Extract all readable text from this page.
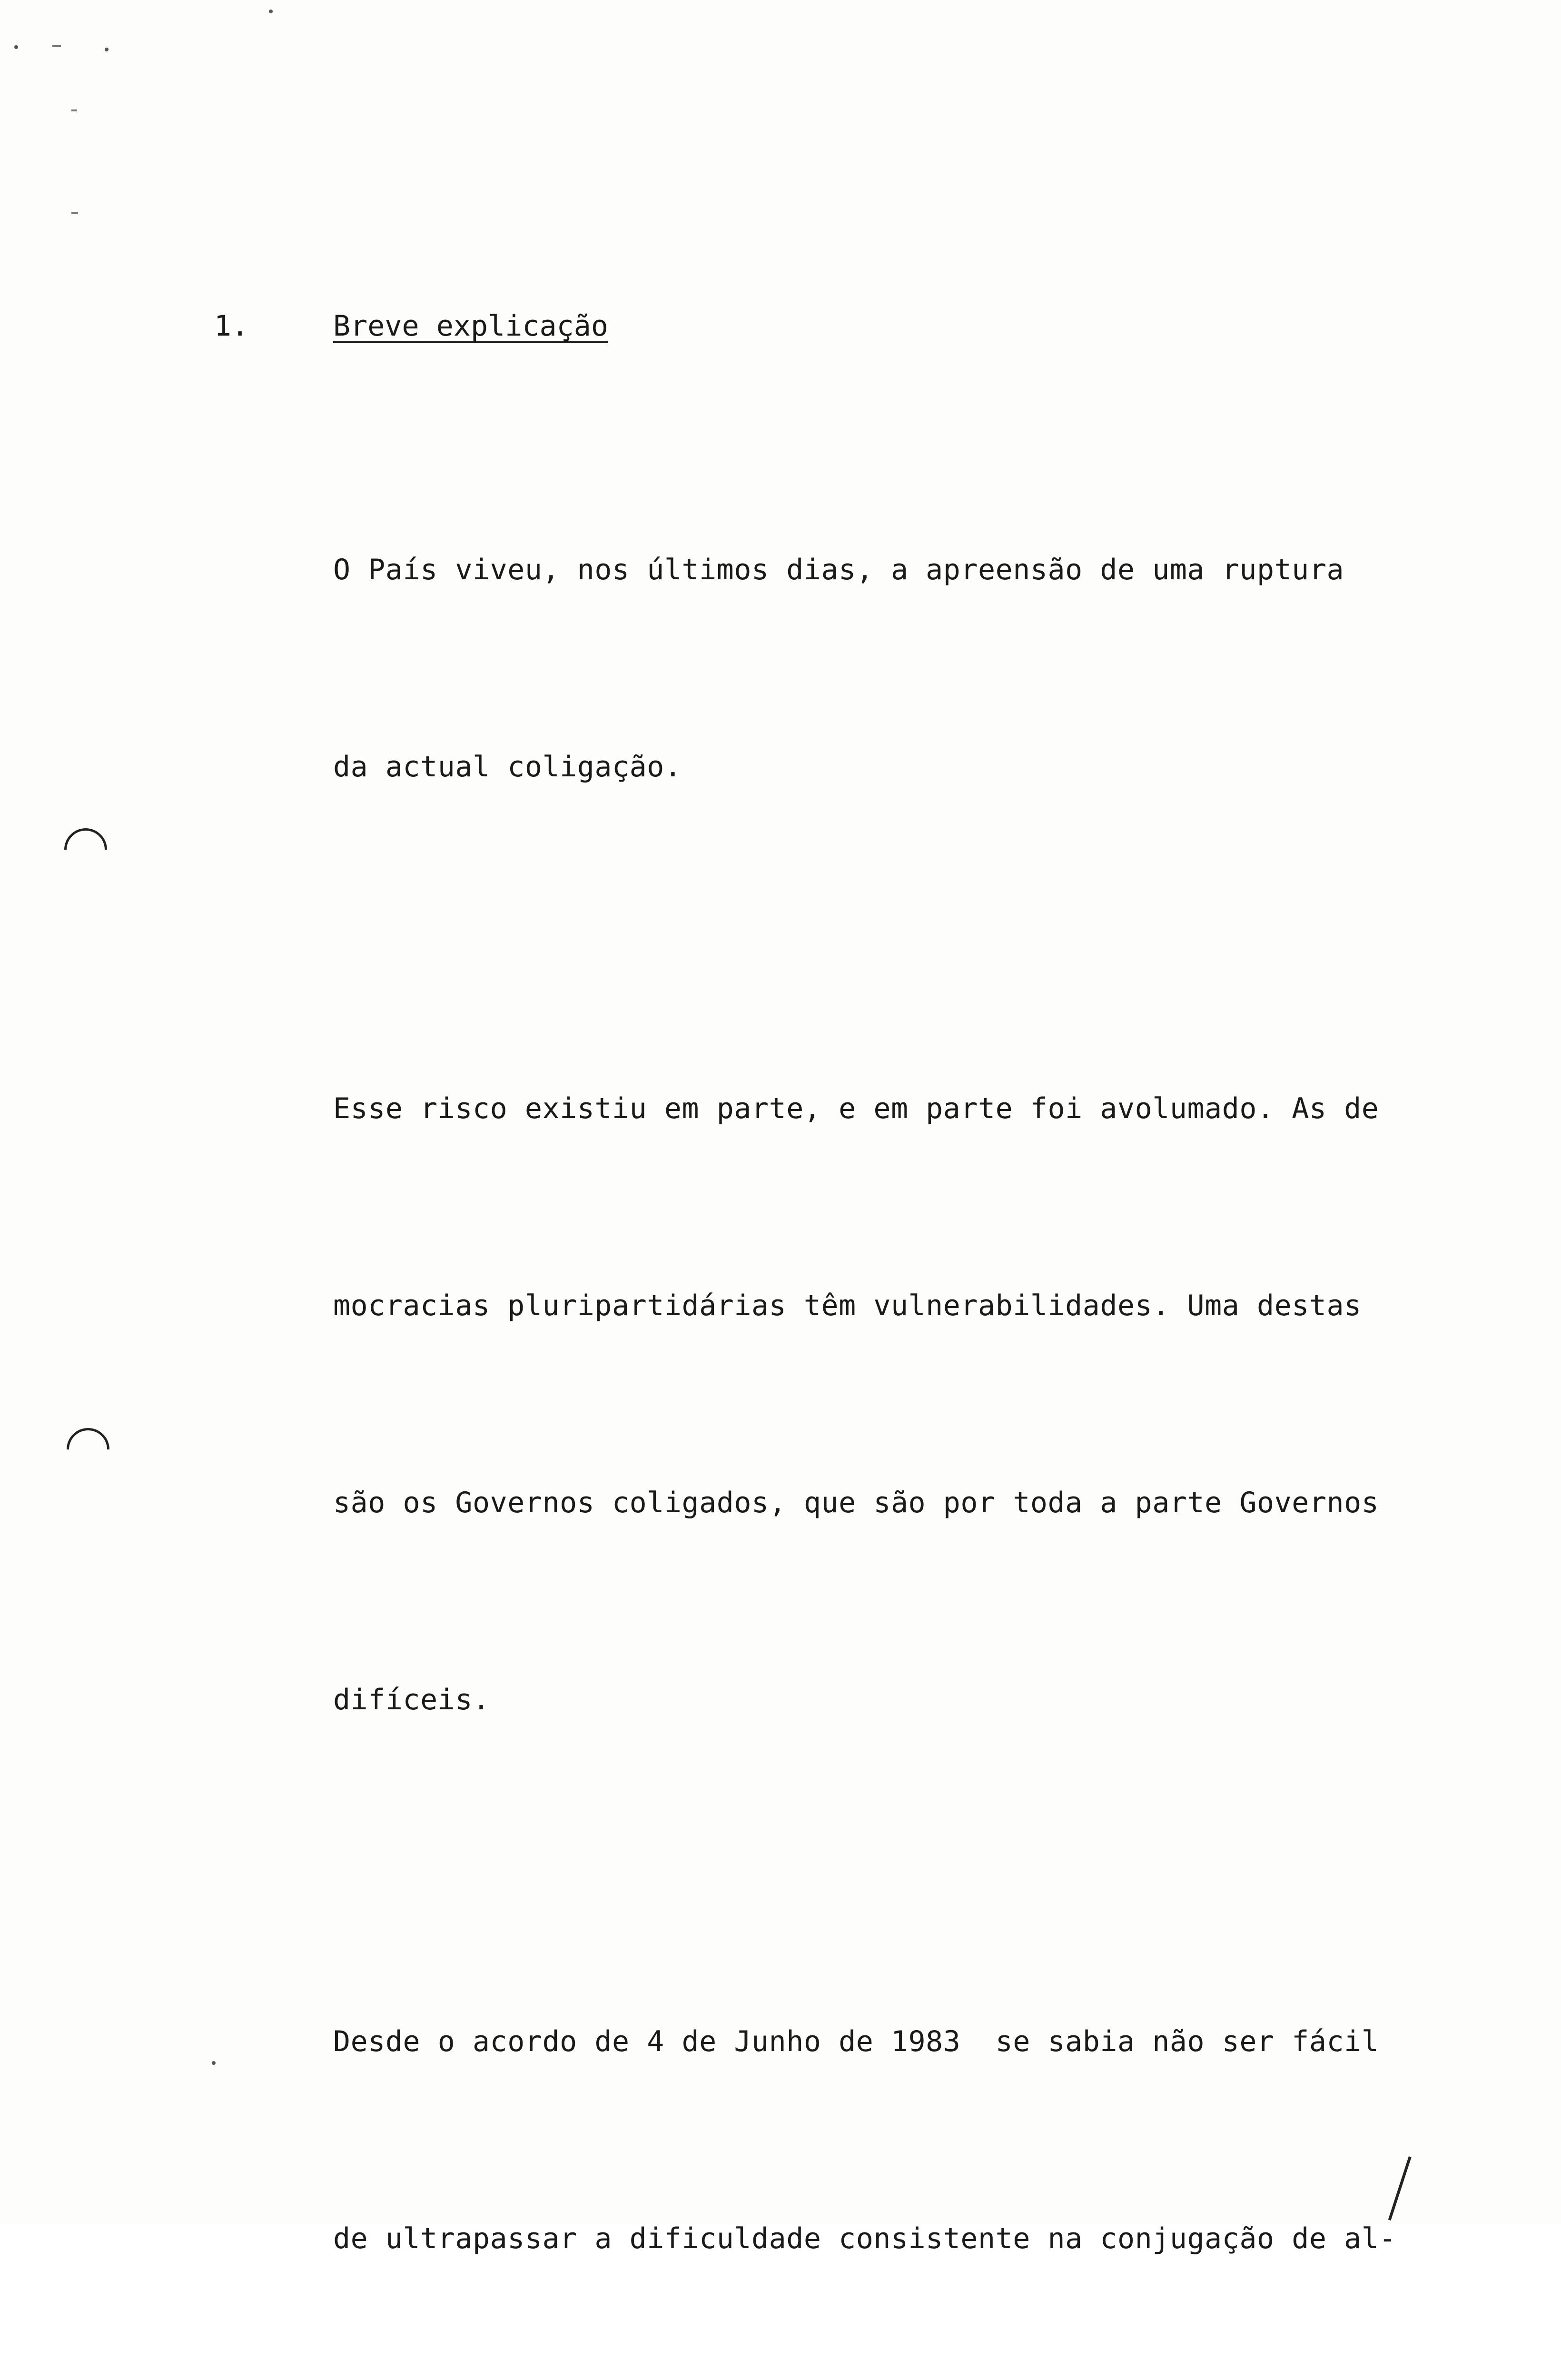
1.

	Breve explicação

O País viveu, nos últimos dias, a apreensão de uma ruptura

da actual coligação.

Esse risco existiu em parte, e em parte foi avolumado. As de

mocracias pluripartidárias têm vulnerabilidades. Uma destas

são os Governos coligados, que são por toda a parte Governos

difíceis.

Desde o acordo de 4 de Junho de 1983  se sabia não ser fácil

de ultrapassar a dificuldade consistente na conjugação de al-
